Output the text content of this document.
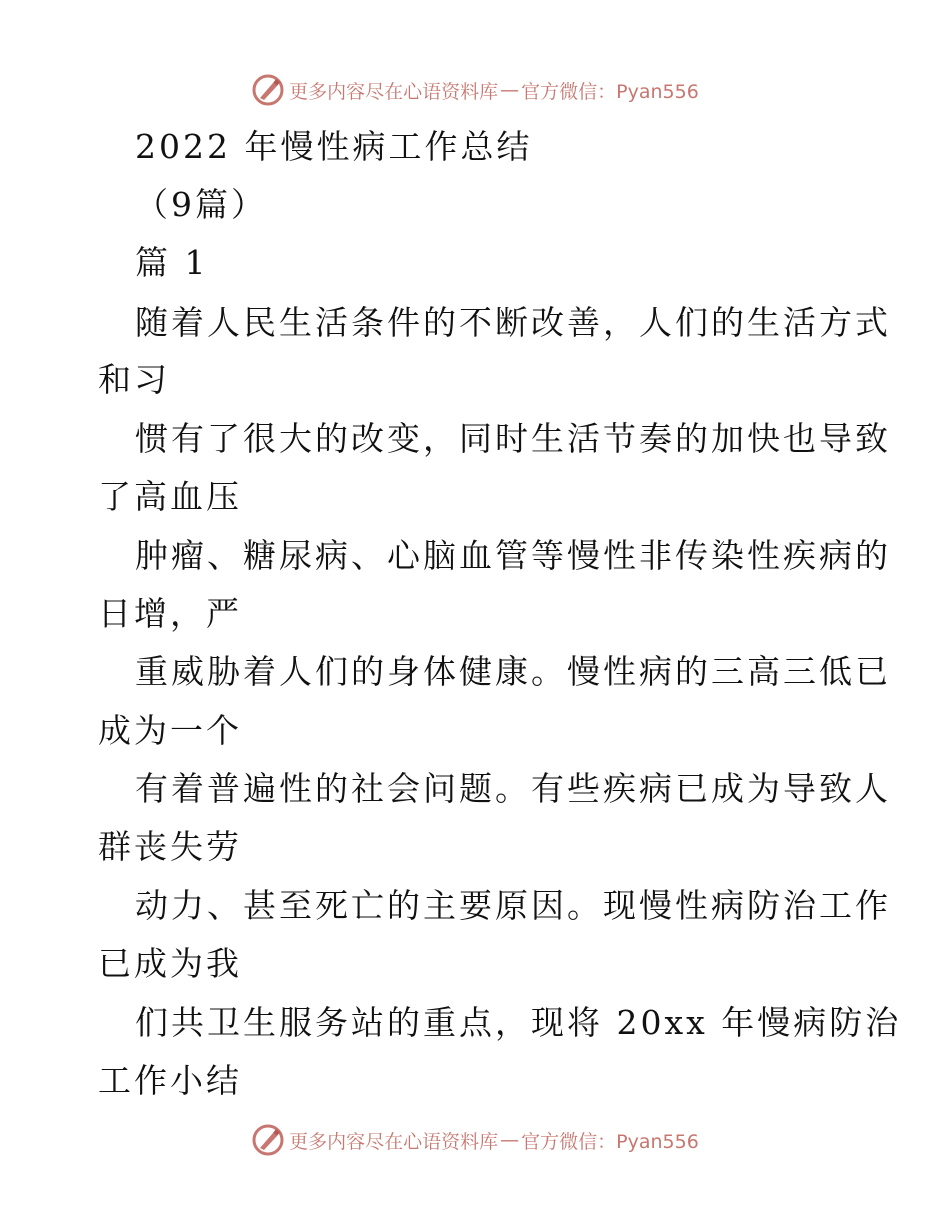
更多内容尽在心语资料库 — 官方微信：Pyan556
2022 年慢性病工作总结
（9篇）
篇 1
随着人民生活条件的不断改善，人们的生活方式
和习
惯有了很大的改变，同时生活节奏的加快也导致
了高血压
肿瘤、糖尿病、心脑血管等慢性非传染性疾病的
日增，严
重威胁着人们的身体健康。慢性病的三高三低已
成为一个
有着普遍性的社会问题。有些疾病已成为导致人
群丧失劳
动力、甚至死亡的主要原因。现慢性病防治工作
已成为我
们共卫生服务站的重点，现将 20xx 年慢病防治
工作小结
更多内容尽在心语资料库 — 官方微信：Pyan556
